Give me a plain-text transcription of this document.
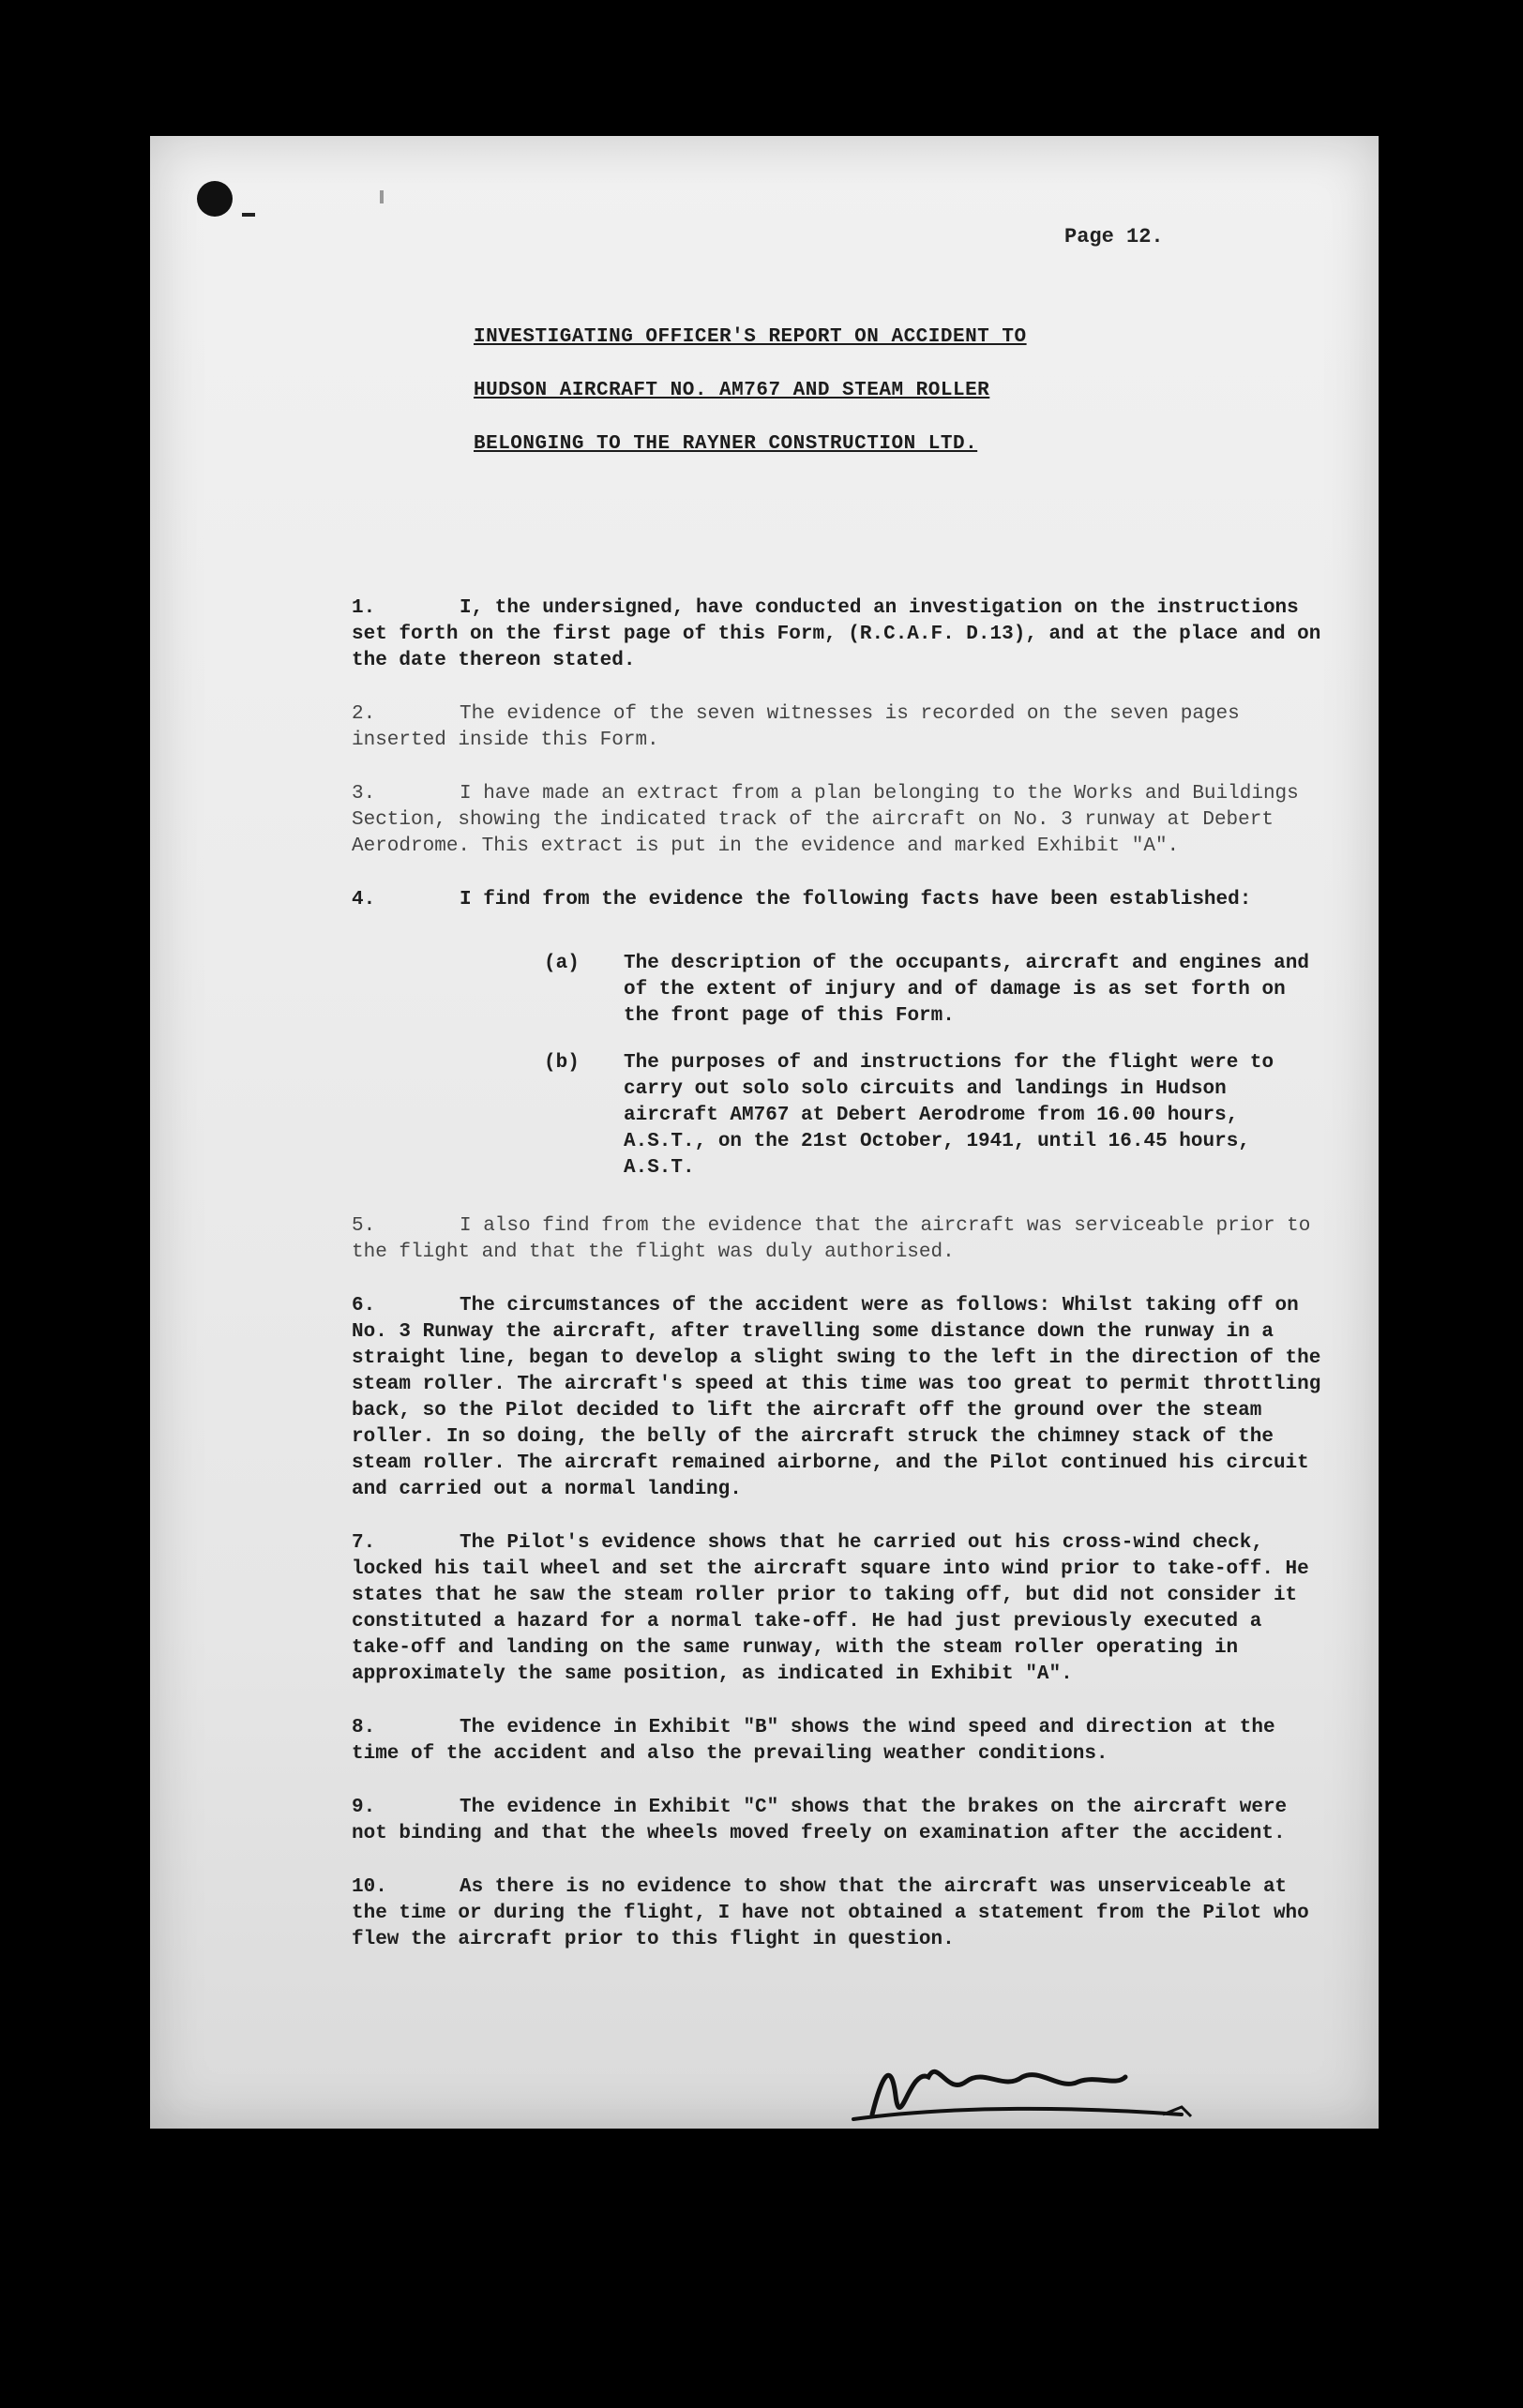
Page 12.
INVESTIGATING OFFICER'S REPORT ON ACCIDENT TO
HUDSON AIRCRAFT NO. AM767 AND STEAM ROLLER
BELONGING TO THE RAYNER CONSTRUCTION LTD.
1.	I, the undersigned, have conducted an investigation on the instructions set forth on the first page of this Form, (R.C.A.F. D.13), and at the place and on the date thereon stated.
2.	The evidence of the seven witnesses is recorded on the seven pages inserted inside this Form.
3.	I have made an extract from a plan belonging to the Works and Buildings Section, showing the indicated track of the aircraft on No. 3 runway at Debert Aerodrome. This extract is put in the evidence and marked Exhibit "A".
4.	I find from the evidence the following facts have been established:
(a) The description of the occupants, aircraft and engines and of the extent of injury and of damage is as set forth on the front page of this Form.
(b) The purposes of and instructions for the flight were to carry out solo solo circuits and landings in Hudson aircraft AM767 at Debert Aerodrome from 16.00 hours, A.S.T., on the 21st October, 1941, until 16.45 hours, A.S.T.
5.	I also find from the evidence that the aircraft was serviceable prior to the flight and that the flight was duly authorised.
6.	The circumstances of the accident were as follows: Whilst taking off on No. 3 Runway the aircraft, after travelling some distance down the runway in a straight line, began to develop a slight swing to the left in the direction of the steam roller. The aircraft's speed at this time was too great to permit throttling back, so the Pilot decided to lift the aircraft off the ground over the steam roller. In so doing, the belly of the aircraft struck the chimney stack of the steam roller. The aircraft remained airborne, and the Pilot continued his circuit and carried out a normal landing.
7.	The Pilot's evidence shows that he carried out his cross-wind check, locked his tail wheel and set the aircraft square into wind prior to take-off. He states that he saw the steam roller prior to taking off, but did not consider it constituted a hazard for a normal take-off. He had just previously executed a take-off and landing on the same runway, with the steam roller operating in approximately the same position, as indicated in Exhibit "A".
8.	The evidence in Exhibit "B" shows the wind speed and direction at the time of the accident and also the prevailing weather conditions.
9.	The evidence in Exhibit "C" shows that the brakes on the aircraft were not binding and that the wheels moved freely on examination after the accident.
10.	As there is no evidence to show that the aircraft was unserviceable at the time or during the flight, I have not obtained a statement from the Pilot who flew the aircraft prior to this flight in question.
